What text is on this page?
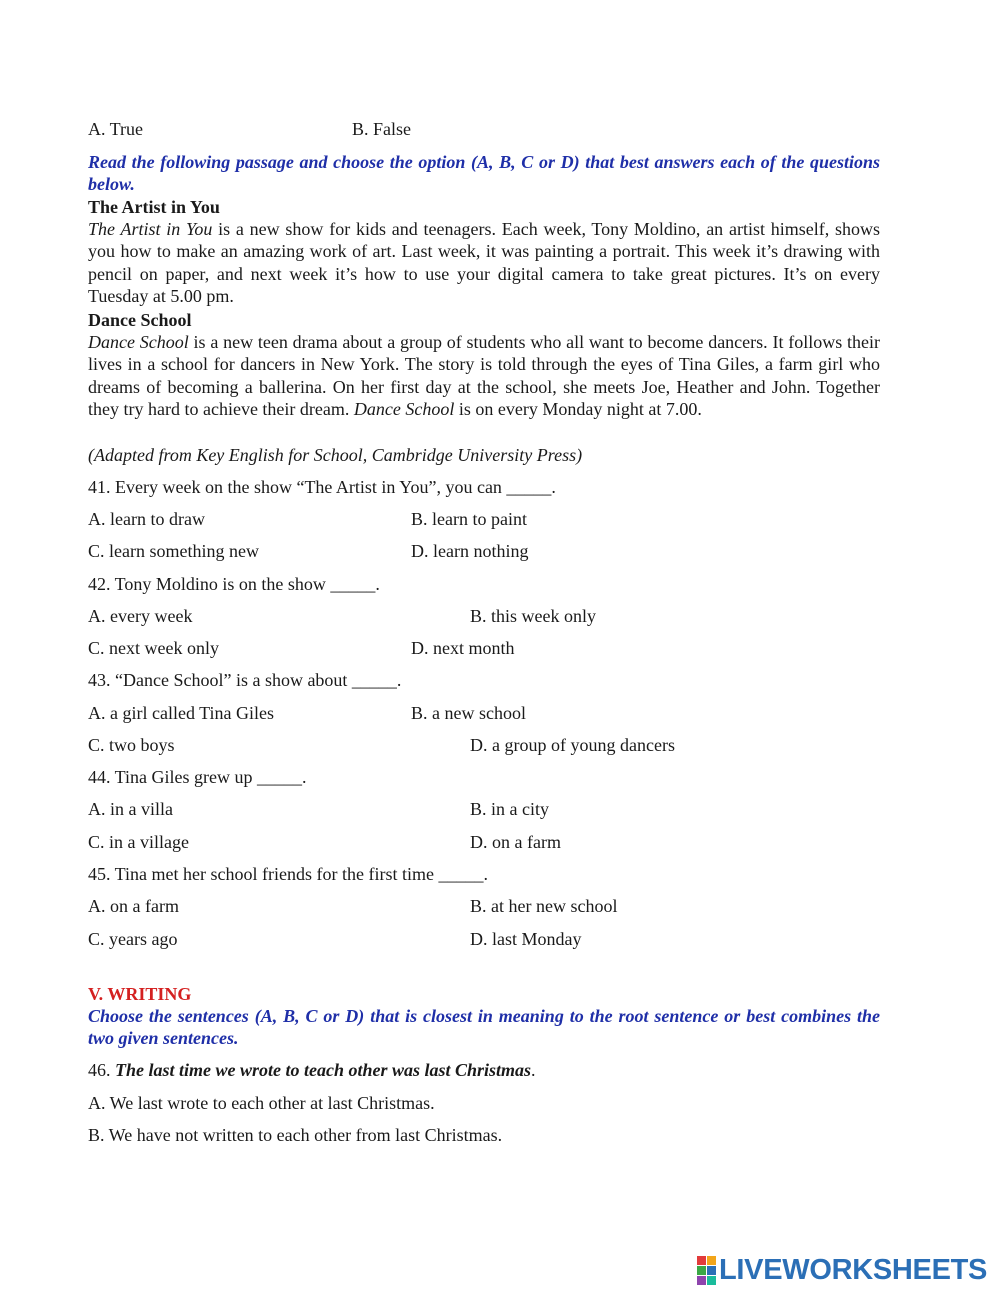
A. True	B. False
Read the following passage and choose the option (A, B, C or D) that best answers each of the questions below.
The Artist in You
The Artist in You is a new show for kids and teenagers. Each week, Tony Moldino, an artist himself, shows you how to make an amazing work of art. Last week, it was painting a portrait. This week it’s drawing with pencil on paper, and next week it’s how to use your digital camera to take great pictures. It’s on every Tuesday at 5.00 pm.
Dance School
Dance School is a new teen drama about a group of students who all want to become dancers. It follows their lives in a school for dancers in New York. The story is told through the eyes of Tina Giles, a farm girl who dreams of becoming a ballerina. On her first day at the school, she meets Joe, Heather and John. Together they try hard to achieve their dream. Dance School is on every Monday night at 7.00.
(Adapted from Key English for School, Cambridge University Press)
41. Every week on the show “The Artist in You”, you can _____.
A. learn to draw	B. learn to paint
C. learn something new	D. learn nothing
42. Tony Moldino is on the show _____.
A. every week	B. this week only
C. next week only	D. next month
43. “Dance School” is a show about _____.
A. a girl called Tina Giles	B. a new school
C. two boys	D. a group of young dancers
44. Tina Giles grew up _____.
A. in a villa	B. in a city
C. in a village	D. on a farm
45. Tina met her school friends for the first time _____.
A. on a farm	B. at her new school
C. years ago	D. last Monday
V. WRITING
Choose the sentences (A, B, C or D) that is closest in meaning to the root sentence or best combines the two given sentences.
46. The last time we wrote to teach other was last Christmas.
A. We last wrote to each other at last Christmas.
B. We have not written to each other from last Christmas.
LIVEWORKSHEETS
